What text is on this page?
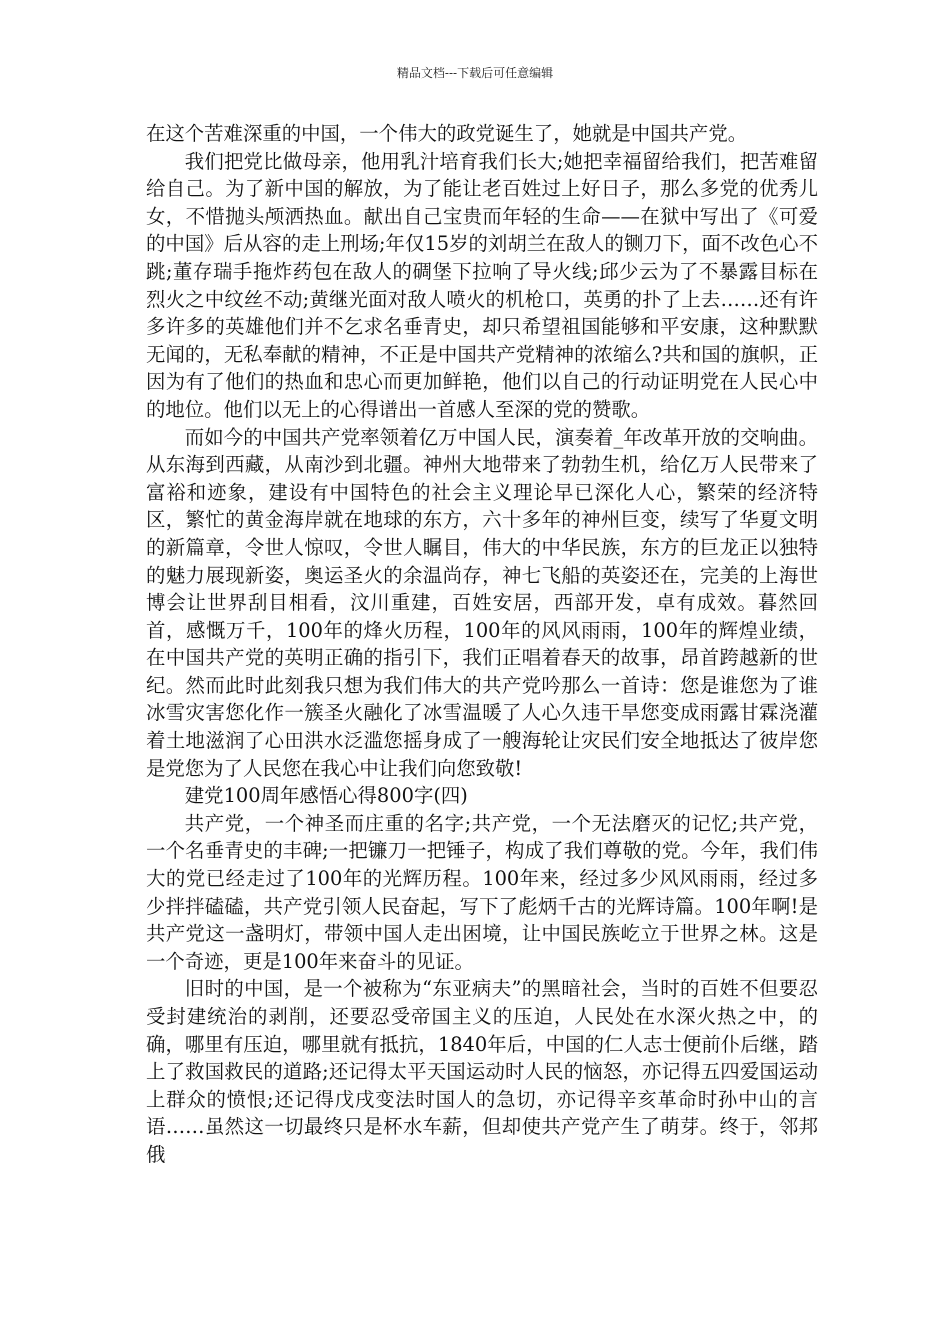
精品文档---下载后可任意编辑

在这个苦难深重的中国，一个伟大的政党诞生了，她就是中国共产党。

我们把党比做母亲，他用乳汁培育我们长大;她把幸福留给我们，把苦难留给自己。为了新中国的解放，为了能让老百姓过上好日子，那么多党的优秀儿女，不惜抛头颅洒热血。献出自己宝贵而年轻的生命——在狱中写出了《可爱的中国》后从容的走上刑场;年仅15岁的刘胡兰在敌人的铡刀下，面不改色心不跳;董存瑞手拖炸药包在敌人的碉堡下拉响了导火线;邱少云为了不暴露目标在烈火之中纹丝不动;黄继光面对敌人喷火的机枪口，英勇的扑了上去……还有许多许多的英雄他们并不乞求名垂青史，却只希望祖国能够和平安康，这种默默无闻的，无私奉献的精神，不正是中国共产党精神的浓缩么?共和国的旗帜，正因为有了他们的热血和忠心而更加鲜艳，他们以自己的行动证明党在人民心中的地位。他们以无上的心得谱出一首感人至深的党的赞歌。

而如今的中国共产党率领着亿万中国人民，演奏着_年改革开放的交响曲。从东海到西藏，从南沙到北疆。神州大地带来了勃勃生机，给亿万人民带来了富裕和迹象，建设有中国特色的社会主义理论早已深化人心，繁荣的经济特区，繁忙的黄金海岸就在地球的东方，六十多年的神州巨变，续写了华夏文明的新篇章，令世人惊叹，令世人瞩目，伟大的中华民族，东方的巨龙正以独特的魅力展现新姿，奥运圣火的余温尚存，神七飞船的英姿还在，完美的上海世博会让世界刮目相看，汶川重建，百姓安居，西部开发，卓有成效。暮然回首，感慨万千，100年的烽火历程，100年的风风雨雨，100年的辉煌业绩，在中国共产党的英明正确的指引下，我们正唱着春天的故事，昂首跨越新的世纪。然而此时此刻我只想为我们伟大的共产党吟那么一首诗：您是谁您为了谁冰雪灾害您化作一簇圣火融化了冰雪温暖了人心久违干旱您变成雨露甘霖浇灌着土地滋润了心田洪水泛滥您摇身成了一艘海轮让灾民们安全地抵达了彼岸您是党您为了人民您在我心中让我们向您致敬!

建党100周年感悟心得800字(四)

共产党，一个神圣而庄重的名字;共产党，一个无法磨灭的记忆;共产党，一个名垂青史的丰碑;一把镰刀一把锤子，构成了我们尊敬的党。今年，我们伟大的党已经走过了100年的光辉历程。100年来，经过多少风风雨雨，经过多少拌拌磕磕，共产党引领人民奋起，写下了彪炳千古的光辉诗篇。100年啊!是共产党这一盏明灯，带领中国人走出困境，让中国民族屹立于世界之林。这是一个奇迹，更是100年来奋斗的见证。

旧时的中国，是一个被称为“东亚病夫”的黑暗社会，当时的百姓不但要忍受封建统治的剥削，还要忍受帝国主义的压迫，人民处在水深火热之中，的确，哪里有压迫，哪里就有抵抗，1840年后，中国的仁人志士便前仆后继，踏上了救国救民的道路;还记得太平天国运动时人民的恼怒，亦记得五四爱国运动上群众的愤恨;还记得戊戌变法时国人的急切，亦记得辛亥革命时孙中山的言语……虽然这一切最终只是杯水车薪，但却使共产党产生了萌芽。终于，邻邦俄
